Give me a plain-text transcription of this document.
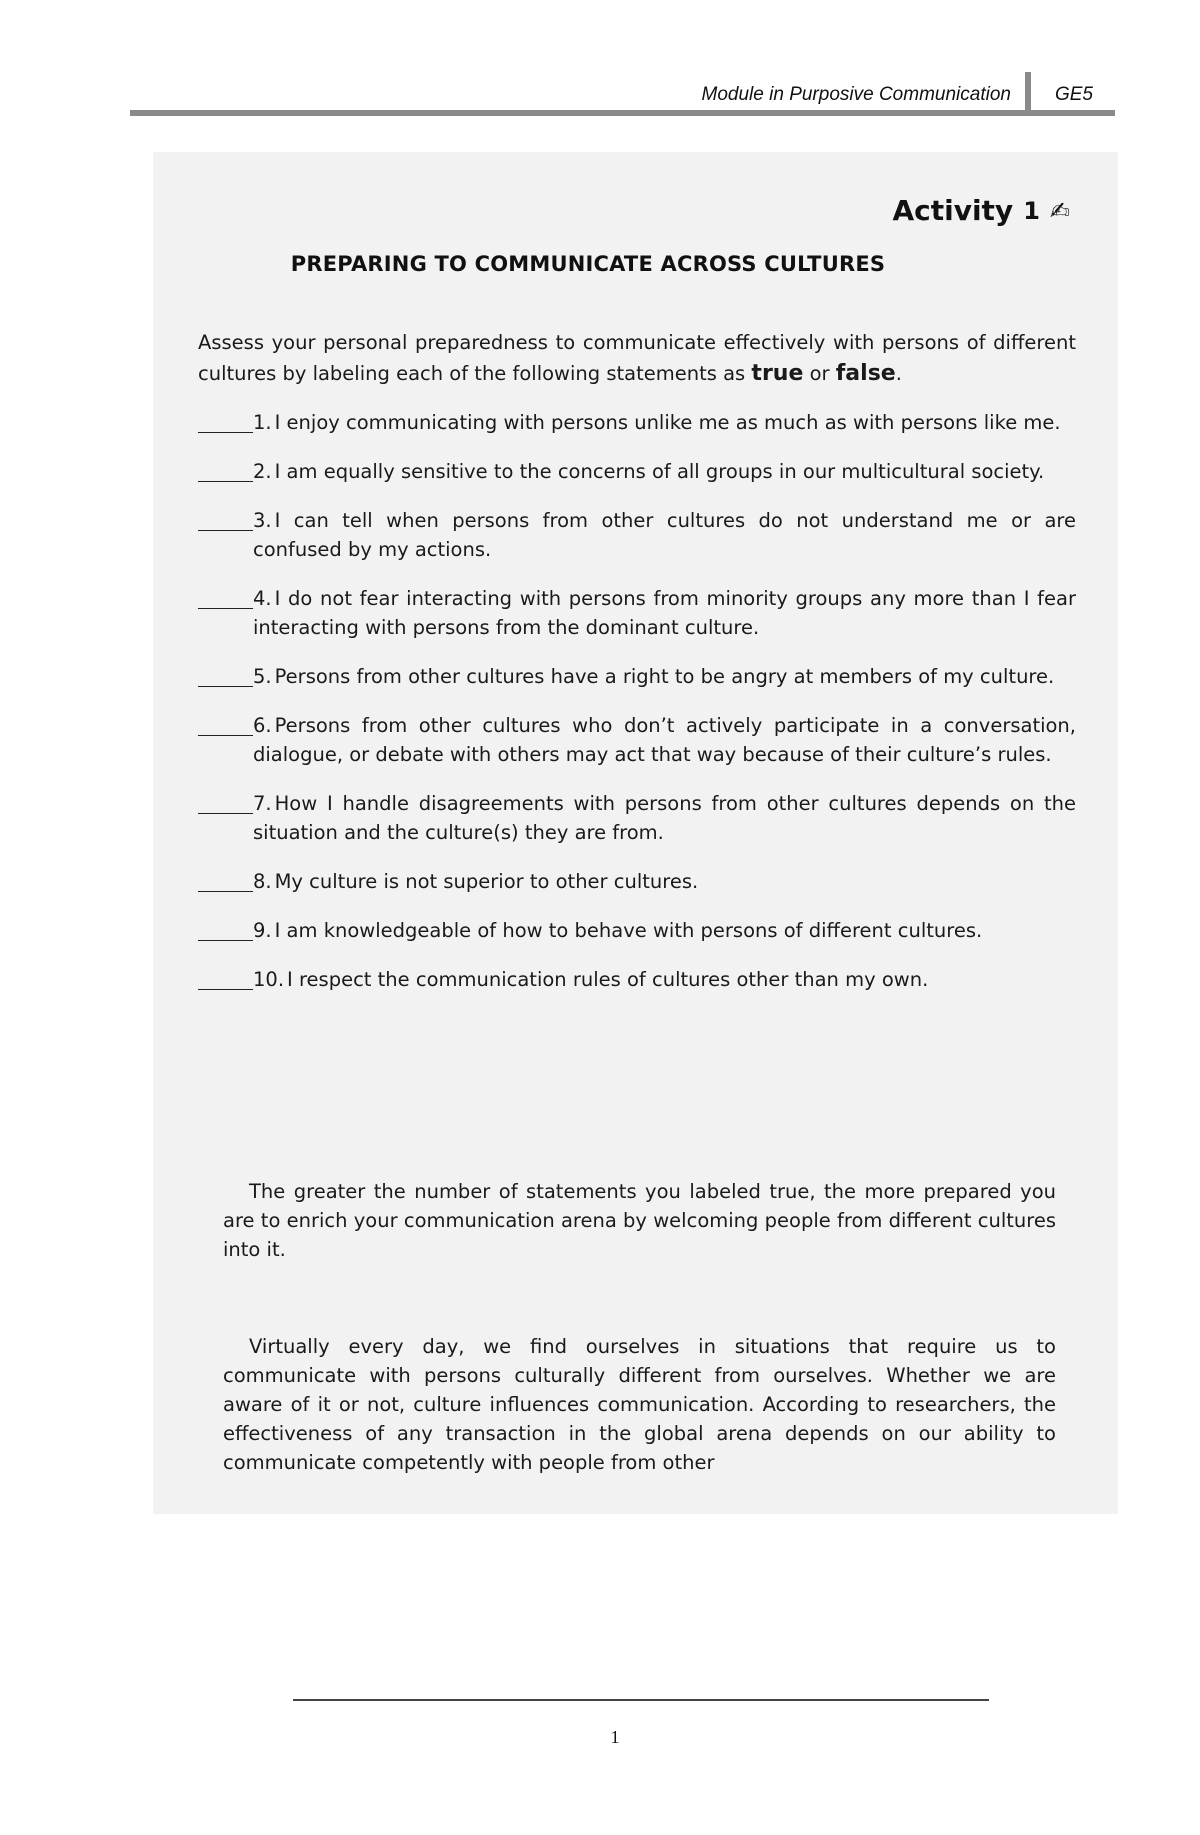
Module in Purposive Communication	GE5
Activity 1 ✍
PREPARING TO COMMUNICATE ACROSS CULTURES

Assess your personal preparedness to communicate effectively with persons of different cultures by labeling each of the following statements as true or false.

1. I enjoy communicating with persons unlike me as much as with persons like me.
2. I am equally sensitive to the concerns of all groups in our multicultural society.
3. I can tell when persons from other cultures do not understand me or are confused by my actions.
4. I do not fear interacting with persons from minority groups any more than I fear interacting with persons from the dominant culture.
5. Persons from other cultures have a right to be angry at members of my culture.
6. Persons from other cultures who don’t actively participate in a conversation, dialogue, or debate with others may act that way because of their culture’s rules.
7. How I handle disagreements with persons from other cultures depends on the situation and the culture(s) they are from.
8. My culture is not superior to other cultures.
9. I am knowledgeable of how to behave with persons of different cultures.
10. I respect the communication rules of cultures other than my own.

The greater the number of statements you labeled true, the more prepared you are to enrich your communication arena by welcoming people from different cultures into it.

Virtually every day, we find ourselves in situations that require us to communicate with persons culturally different from ourselves. Whether we are aware of it or not, culture influences communication. According to researchers, the effectiveness of any transaction in the global arena depends on our ability to communicate competently with people from other

1
